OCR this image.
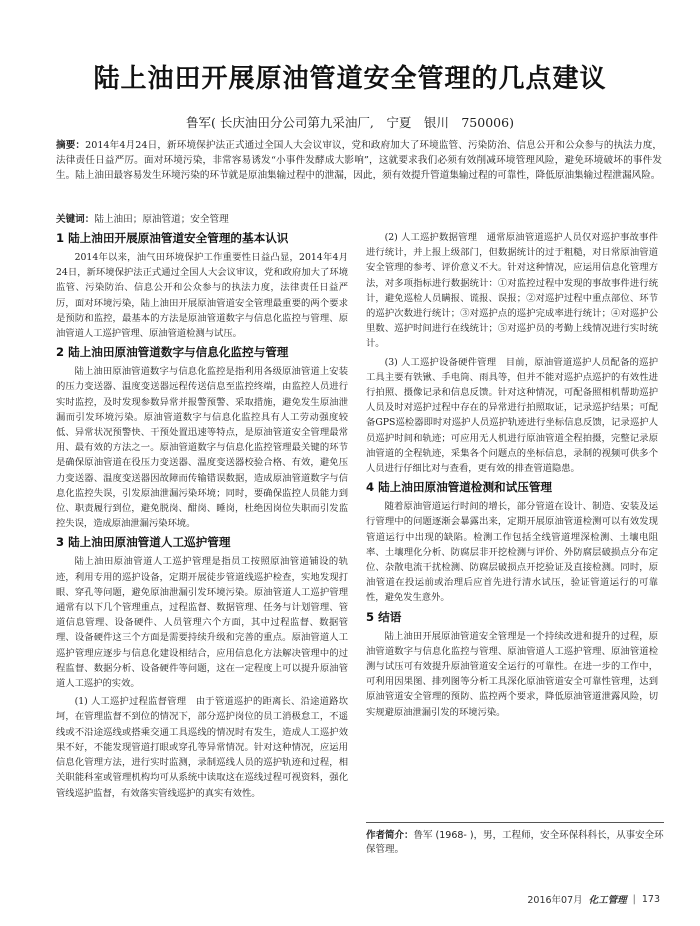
陆上油田开展原油管道安全管理的几点建议
鲁军( 长庆油田分公司第九采油厂,　宁夏　银川　750006)
摘要：2014年4月24日，新环境保护法正式通过全国人大会议审议，党和政府加大了环境监管、污染防治、信息公开和公众参与的执法力度，法律责任日益严厉。面对环境污染，非常容易诱发“小事件发酵成大影响”，这就要求我们必须有效削减环境管理风险，避免环境破坏的事件发生。陆上油田最容易发生环境污染的环节就是原油集输过程中的泄漏，因此，须有效提升管道集输过程的可靠性，降低原油集输过程泄漏风险。
关键词：陆上油田；原油管道；安全管理
1 陆上油田开展原油管道安全管理的基本认识

2014年以来，油气田环境保护工作重要性日益凸显，2014年4月24日，新环境保护法正式通过全国人大会议审议，党和政府加大了环境监管、污染防治、信息公开和公众参与的执法力度，法律责任日益严厉，面对环境污染，陆上油田开展原油管道安全管理最重要的两个要求是预防和监控，最基本的方法是原油管道数字与信息化监控与管理、原油管道人工巡护管理、原油管道检测与试压。

2 陆上油田原油管道数字与信息化监控与管理

陆上油田原油管道数字与信息化监控是指利用各级原油管道上安装的压力变送器、温度变送器远程传送信息至监控终端，由监控人员进行实时监控，及时发现参数异常并报警预警、采取措施，避免发生原油泄漏而引发环境污染。原油管道数字与信息化监控具有人工劳动强度较低、异常状况预警快、干预处置迅速等特点，是原油管道安全管理最常用、最有效的方法之一。原油管道数字与信息化监控管理最关键的环节是确保原油管道在役压力变送器、温度变送器校验合格、有效，避免压力变送器、温度变送器因故障而传输错误数据，造成原油管道数字与信息化监控失误，引发原油泄漏污染环境；同时，要确保监控人员能力到位、职责履行到位，避免脱岗、酣岗、睡岗，杜绝因岗位失职而引发监控失误，造成原油泄漏污染环境。

3 陆上油田原油管道人工巡护管理

陆上油田原油管道人工巡护管理是指员工按照原油管道铺设的轨迹，利用专用的巡护设备，定期开展徒步管道线巡护检查，实地发现打眼、穿孔等问题，避免原油泄漏引发环境污染。原油管道人工巡护管理通常有以下几个管理重点，过程监督、数据管理、任务与计划管理、管道信息管理、设备硬件、人员管理六个方面，其中过程监督、数据管理、设备硬件这三个方面是需要持续升级和完善的重点。原油管道人工巡护管理应逐步与信息化建设相结合，应用信息化方法解决管理中的过程监督、数据分析、设备硬件等问题，这在一定程度上可以提升原油管道人工巡护的实效。

(1) 人工巡护过程监督管理　由于管道巡护的距离长、沿途道路坎坷，在管理监督不到位的情况下，部分巡护岗位的员工消极怠工，不遥线或不沿途巡线或搭乘交通工具巡线的情况时有发生，造成人工巡护效果不好，不能发现管道打眼或穿孔等异常情况。针对这种情况，应运用信息化管理方法，进行实时监测，录制巡线人员的巡护轨迹和过程，相关职能科室或管理机构均可从系统中读取这在巡线过程可视资料，强化管线巡护监督，有效落实管线巡护的真实有效性。

(2) 人工巡护数据管理　通常原油管道巡护人员仅对巡护事故事件进行统计，并上报上级部门，但数据统计的过于粗糙，对日常原油管道安全管理的参考、评价意义不大。针对这种情况，应运用信息化管理方法，对多项指标进行数据统计：①对监控过程中发现的事故事件进行统计，避免巡检人员瞒报、谎报、误报；②对巡护过程中重点部位、环节的巡护次数进行统计；③对巡护点的巡护完成率进行统计；④对巡护公里数、巡护时间进行在线统计；⑤对巡护员的考勤上线情况进行实时统计。

(3) 人工巡护设备硬件管理　目前，原油管道巡护人员配备的巡护工具主要有铁锹、手电筒、雨具等，但并不能对巡护点巡护的有效性进行拍照、摄像记录和信息反馈。针对这种情况，可配备照相机帮助巡护人员及时对巡护过程中存在的异常进行拍照取证，记录巡护结果；可配备GPS巡检器即时对巡护人员巡护轨迹进行坐标信息反馈，记录巡护人员巡护时间和轨迹；可应用无人机进行原油管道全程拍摄，完整记录原油管道的全程轨迹，采集各个问题点的坐标信息，录制的视频可供多个人员进行仔细比对与查看，更有效的排查管道隐患。

4 陆上油田原油管道检测和试压管理

随着原油管道运行时间的增长，部分管道在设计、制造、安装及运行管理中的问题逐渐会暴露出来，定期开展原油管道检测可以有效发现管道运行中出现的缺陷。检测工作包括全线管道埋深检测、土壤电阻率、土壤理化分析、防腐层非开挖检测与评价、外防腐层破损点分布定位、杂散电流干扰检测、防腐层破损点开挖验证及直接检测。同时，原油管道在投运前或治理后应首先进行清水试压，验证管道运行的可靠性，避免发生意外。

5 结语

陆上油田开展原油管道安全管理是一个持续改进和提升的过程，原油管道数字与信息化监控与管理、原油管道人工巡护管理、原油管道检测与试压可有效提升原油管道安全运行的可靠性。在进一步的工作中，可利用因果图、排列图等分析工具深化原油管道安全可靠性管理，达到原油管道安全管理的预防、监控两个要求，降低原油管道泄露风险，切实规避原油泄漏引发的环境污染。

作者简介：鲁军 (1968- )，男，工程师，安全环保科科长，从事安全环保管理。
2016年07月 化工管理 | 173
